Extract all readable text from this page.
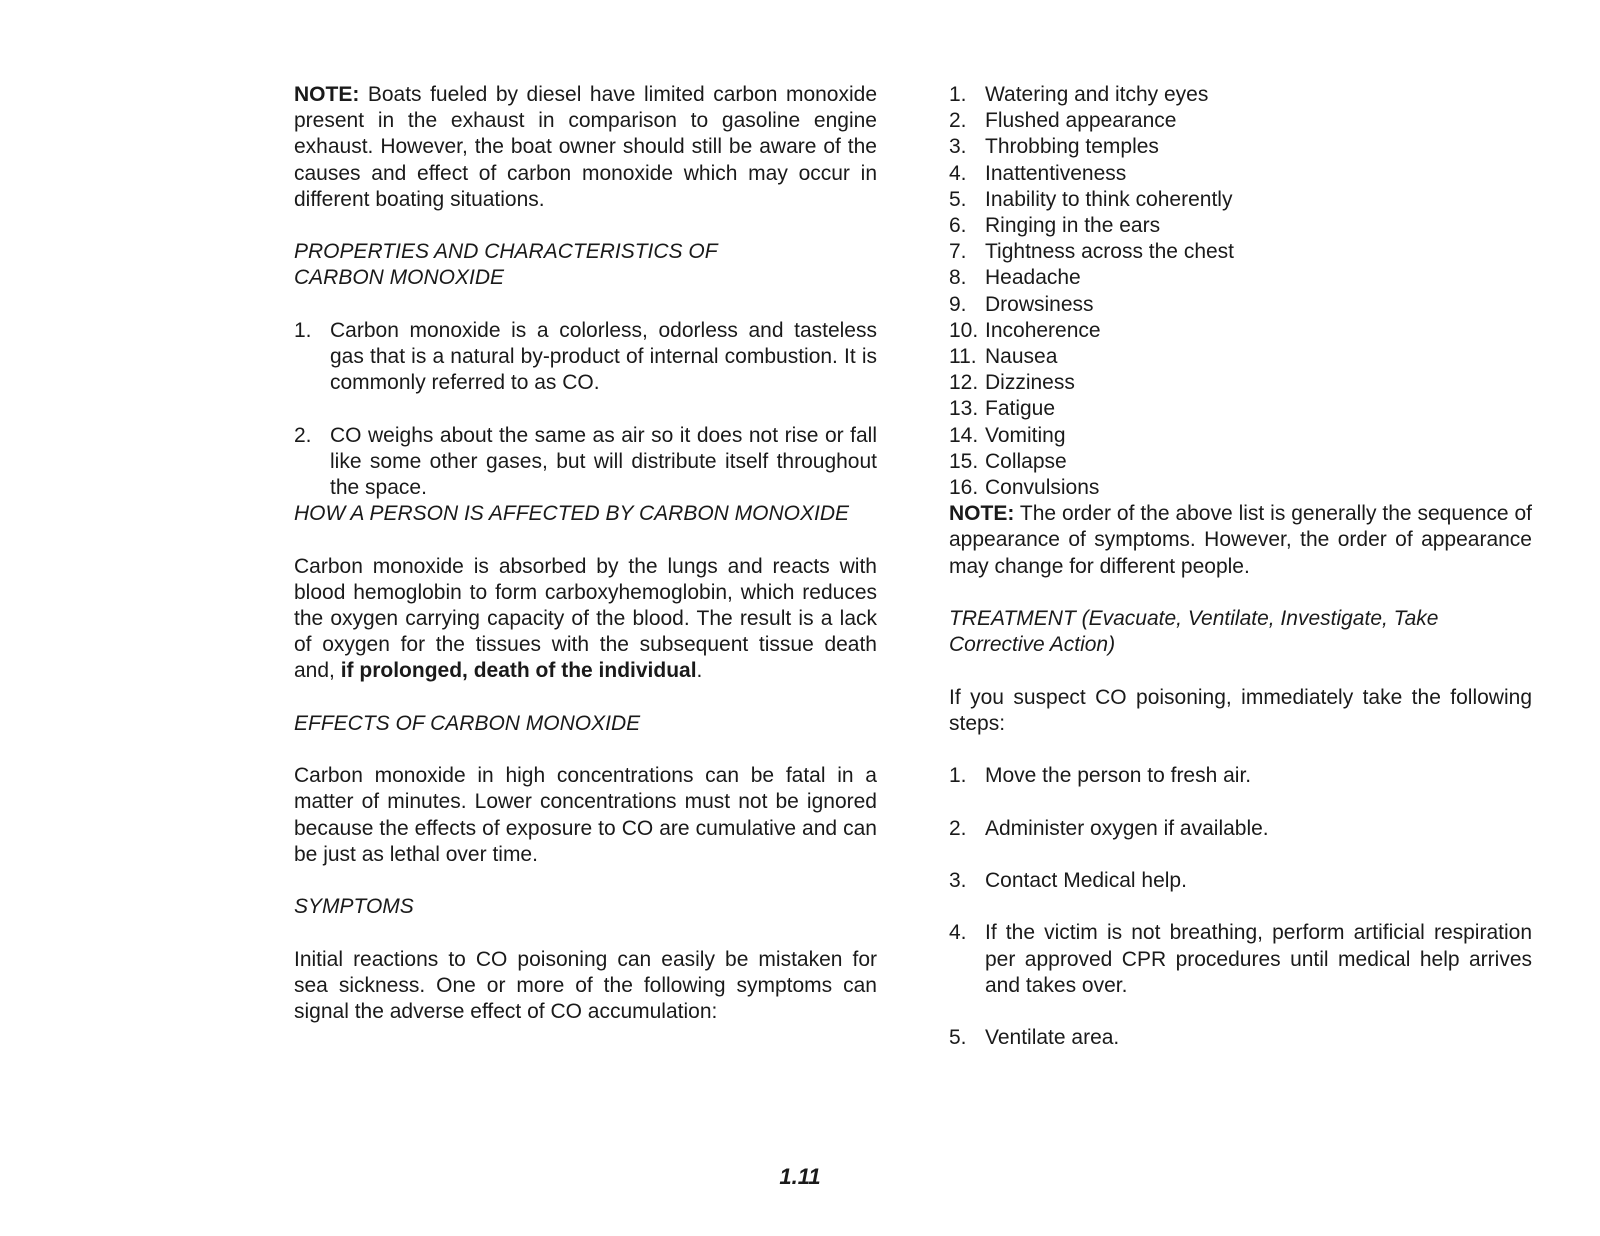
NOTE: Boats fueled by diesel have limited carbon monoxide present in the exhaust in comparison to gasoline engine exhaust. However, the boat owner should still be aware of the causes and effect of carbon monoxide which may occur in different boating situations.

PROPERTIES AND CHARACTERISTICS OF CARBON MONOXIDE

1. Carbon monoxide is a colorless, odorless and tasteless gas that is a natural by-product of internal combustion. It is commonly referred to as CO.
2. CO weighs about the same as air so it does not rise or fall like some other gases, but will distribute itself throughout the space.

HOW A PERSON IS AFFECTED BY CARBON MONOXIDE

Carbon monoxide is absorbed by the lungs and reacts with blood hemoglobin to form carboxyhemoglobin, which reduces the oxygen carrying capacity of the blood. The result is a lack of oxygen for the tissues with the subsequent tissue death and, if prolonged, death of the individual.

EFFECTS OF CARBON MONOXIDE

Carbon monoxide in high concentrations can be fatal in a matter of minutes. Lower concentrations must not be ignored because the effects of exposure to CO are cumulative and can be just as lethal over time.

SYMPTOMS

Initial reactions to CO poisoning can easily be mistaken for sea sickness. One or more of the following symptoms can signal the adverse effect of CO accumulation:

1. Watering and itchy eyes
2. Flushed appearance
3. Throbbing temples
4. Inattentiveness
5. Inability to think coherently
6. Ringing in the ears
7. Tightness across the chest
8. Headache
9. Drowsiness
10. Incoherence
11. Nausea
12. Dizziness
13. Fatigue
14. Vomiting
15. Collapse
16. Convulsions

NOTE: The order of the above list is generally the sequence of appearance of symptoms. However, the order of appearance may change for different people.

TREATMENT (Evacuate, Ventilate, Investigate, Take Corrective Action)

If you suspect CO poisoning, immediately take the following steps:

1. Move the person to fresh air.
2. Administer oxygen if available.
3. Contact Medical help.
4. If the victim is not breathing, perform artificial respiration per approved CPR procedures until medical help arrives and takes over.
5. Ventilate area.
1.11
